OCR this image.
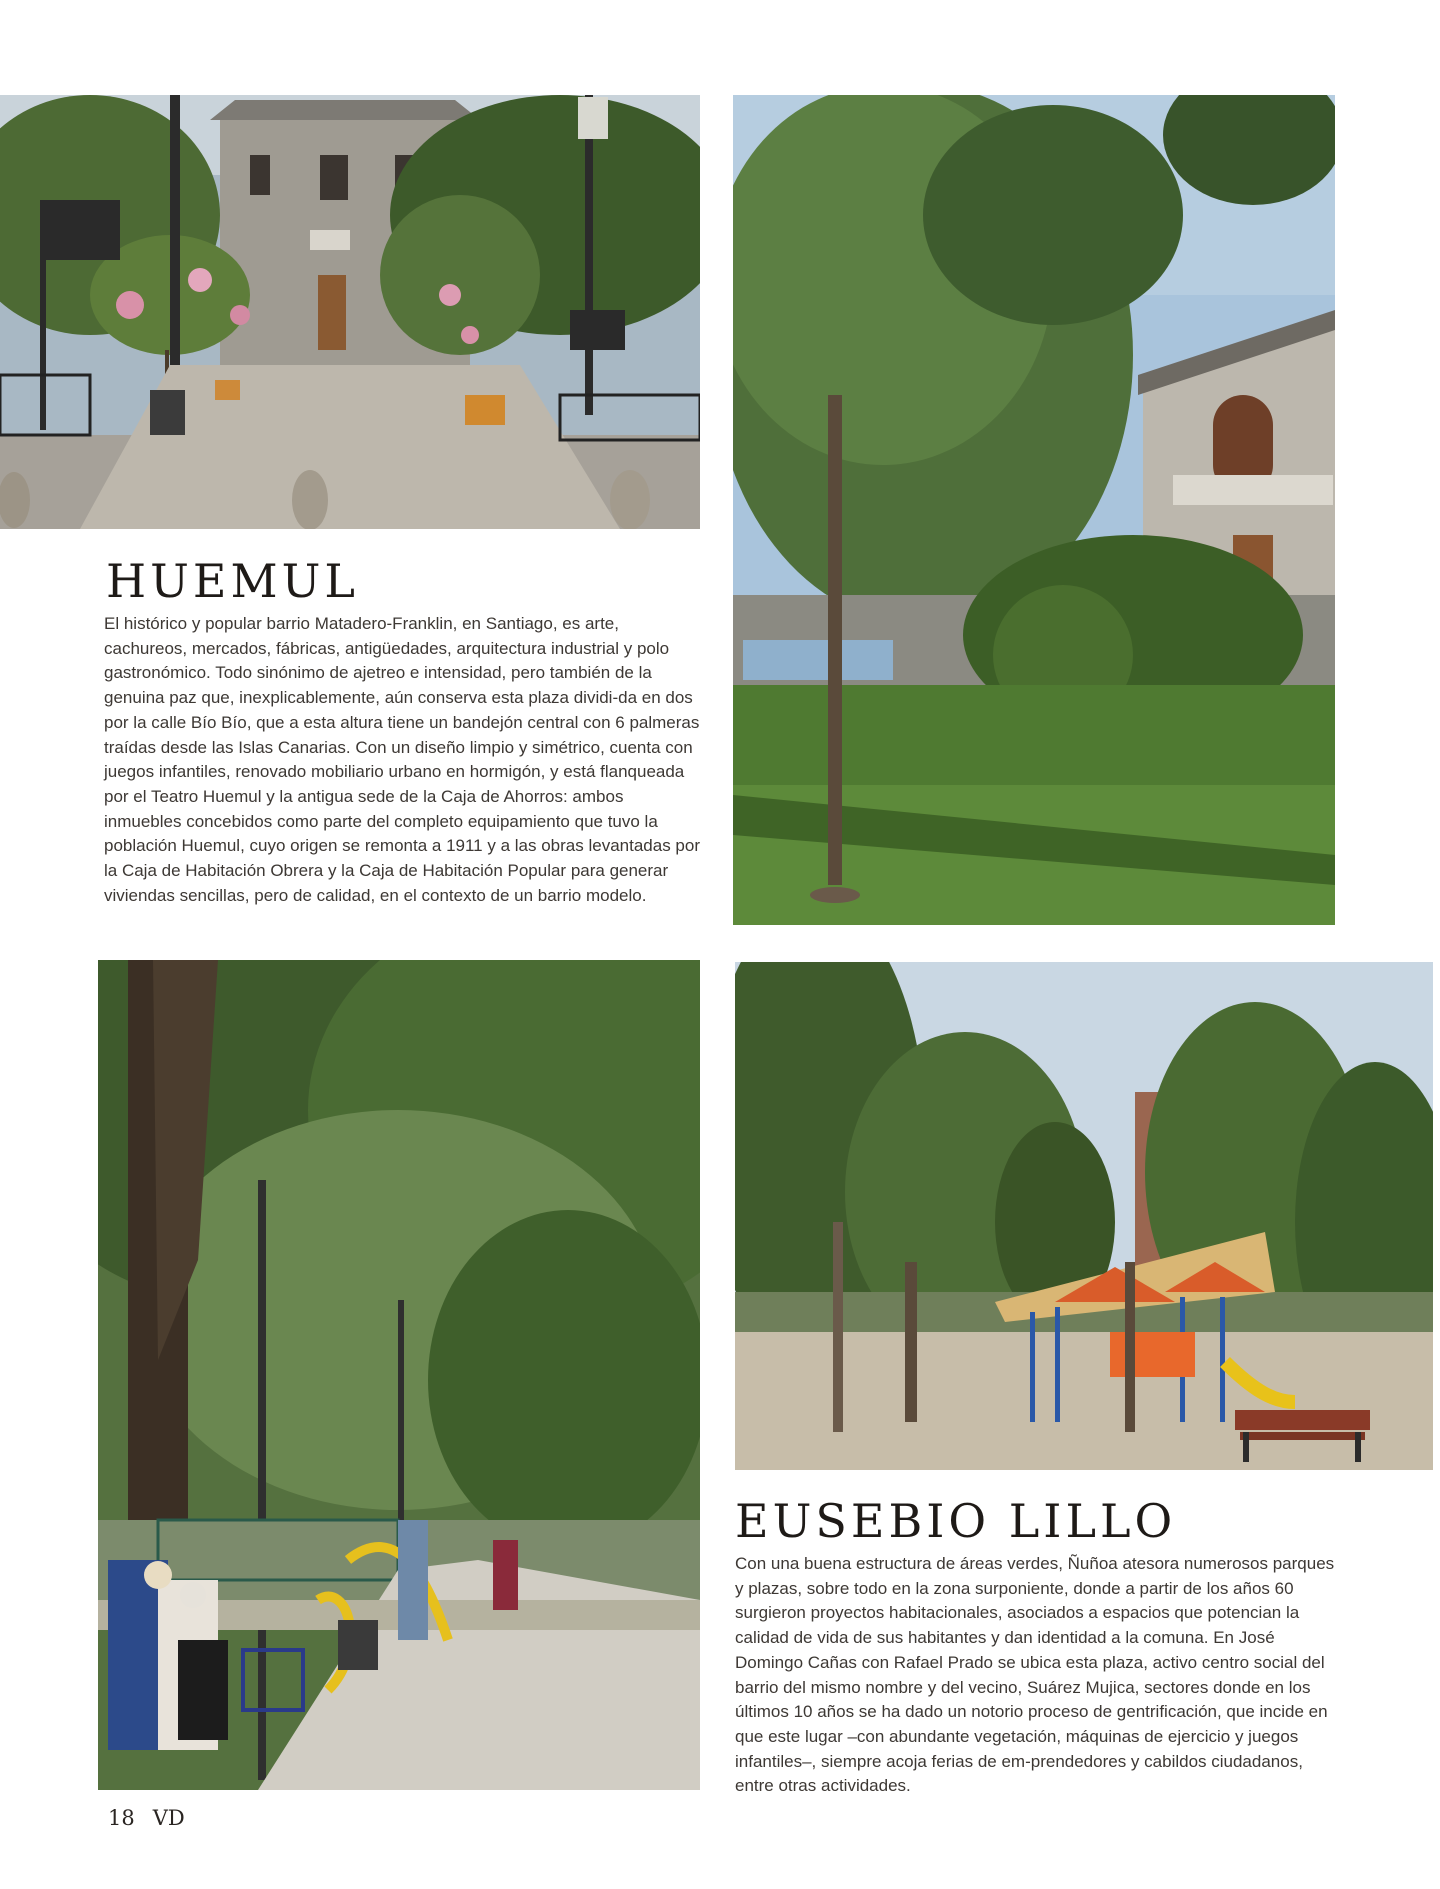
HUEMUL

El histórico y popular barrio Matadero-Franklin, en Santiago, es arte, cachureos, mercados, fábricas, antigüedades, arquitectura industrial y polo gastronómico. Todo sinónimo de ajetreo e intensidad, pero también de la genuina paz que, inexplicablemente, aún conserva esta plaza dividi-da en dos por la calle Bío Bío, que a esta altura tiene un bandejón central con 6 palmeras traídas desde las Islas Canarias. Con un diseño limpio y simétrico, cuenta con juegos infantiles, renovado mobiliario urbano en hormigón, y está flanqueada por el Teatro Huemul y la antigua sede de la Caja de Ahorros: ambos inmuebles concebidos como parte del completo equipamiento que tuvo la población Huemul, cuyo origen se remonta a 1911 y a las obras levantadas por la Caja de Habitación Obrera y la Caja de Habitación Popular para generar viviendas sencillas, pero de calidad, en el contexto de un barrio modelo.

EUSEBIO LILLO

Con una buena estructura de áreas verdes, Ñuñoa atesora numerosos parques y plazas, sobre todo en la zona surponiente, donde a partir de los años 60 surgieron proyectos habitacionales, asociados a espacios que potencian la calidad de vida de sus habitantes y dan identidad a la comuna. En José Domingo Cañas con Rafael Prado se ubica esta plaza, activo centro social del barrio del mismo nombre y del vecino, Suárez Mujica, sectores donde en los últimos 10 años se ha dado un notorio proceso de gentrificación, que incide en que este lugar –con abundante vegetación, máquinas de ejercicio y juegos infantiles–, siempre acoja ferias de em-prendedores y cabildos ciudadanos, entre otras actividades.

18 VD
